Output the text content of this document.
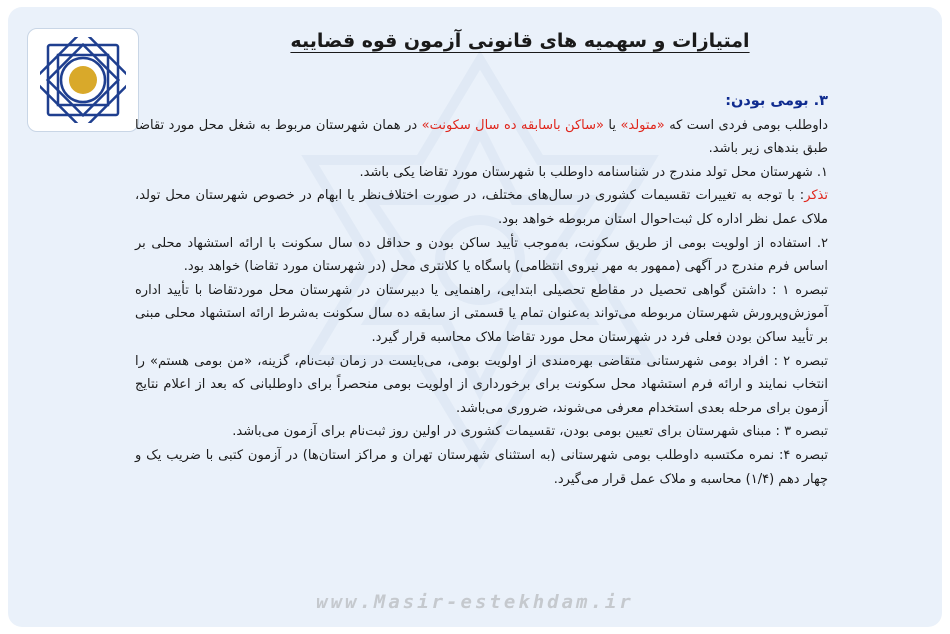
امتیازات و سهمیه های قانونی آزمون قوه قضاییه

۳. بومی بودن:

داوطلب بومی فردی است که «متولد» یا «ساکن باسابقه ده سال سکونت» در همان شهرستان مربوط به شغل محل مورد تقاضا طبق بندهای زیر باشد.

۱. شهرستان محل تولد مندرج در شناسنامه داوطلب با شهرستان مورد تقاضا یکی باشد.

تذکر: با توجه به تغییرات تقسیمات کشوری در سال‌های مختلف، در صورت اختلاف‌نظر یا ابهام در خصوص شهرستان محل تولد، ملاک عمل نظر اداره کل ثبت‌احوال استان مربوطه خواهد بود.

۲. استفاده از اولویت بومی از طریق سکونت، به‌موجب تأیید ساکن بودن و حداقل ده سال سکونت با ارائه استشهاد محلی بر اساس فرم مندرج در آگهی (ممهور به مهر نیروی انتظامی) پاسگاه یا کلانتری محل (در شهرستان مورد تقاضا) خواهد بود.

تبصره ۱ : داشتن گواهی تحصیل در مقاطع تحصیلی ابتدایی، راهنمایی یا دبیرستان در شهرستان محل موردتقاضا با تأیید اداره آموزش‌وپرورش شهرستان مربوطه می‌تواند به‌عنوان تمام یا قسمتی از سابقه ده سال سکونت به‌شرط ارائه استشهاد محلی مبنی بر تأیید ساکن بودن فعلی فرد در شهرستان محل مورد تقاضا ملاک محاسبه قرار گیرد.

تبصره ۲ : افراد بومی شهرستانی متقاضی بهره‌مندی از اولویت بومی، می‌بایست در زمان ثبت‌نام، گزینه، «من بومی هستم» را انتخاب نمایند و ارائه فرم استشهاد محل سکونت برای برخورداری از اولویت بومی منحصراً برای داوطلبانی که بعد از اعلام نتایج آزمون برای مرحله بعدی استخدام معرفی می‌شوند، ضروری می‌باشد.

تبصره ۳ : مبنای شهرستان برای تعیین بومی بودن، تقسیمات کشوری در اولین روز ثبت‌نام برای آزمون می‌باشد.

تبصره ۴: نمره مکتسبه داوطلب بومی شهرستانی (به استثنای شهرستان تهران و مراکز استان‌ها) در آزمون کتبی با ضریب یک و چهار دهم (۱/۴) محاسبه و ملاک عمل قرار می‌گیرد.

www.Masir-estekhdam.ir
